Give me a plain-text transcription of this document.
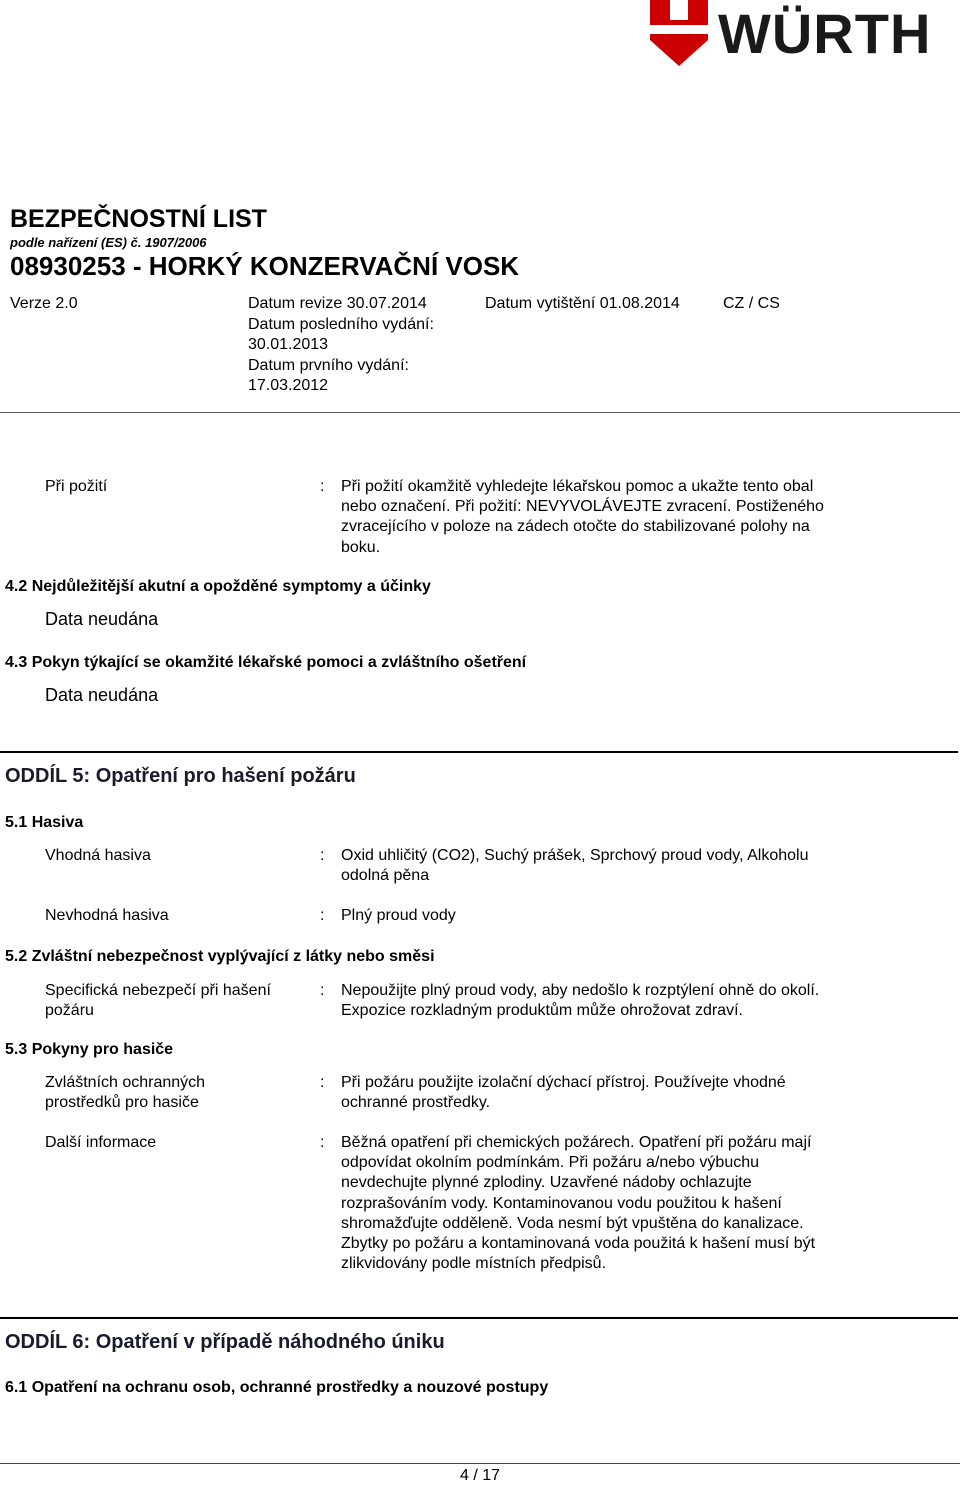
WÜRTH
BEZPEČNOSTNÍ LIST
podle nařízení (ES) č. 1907/2006
08930253 - HORKÝ KONZERVAČNÍ VOSK
Verze 2.0	Datum revize 30.07.2014
Datum posledního vydání:
30.01.2013
Datum prvního vydání:
17.03.2012
Datum vytištění 01.08.2014	CZ / CS
Při požití	: Při požití okamžitě vyhledejte lékařskou pomoc a ukažte tento obal
nebo označení. Při požití: NEVYVOLÁVEJTE zvracení. Postiženého
zvracejícího v poloze na zádech otočte do stabilizované polohy na
boku.
4.2 Nejdůležitější akutní a opožděné symptomy a účinky
Data neudána
4.3 Pokyn týkající se okamžité lékařské pomoci a zvláštního ošetření
Data neudána
ODDÍL 5: Opatření pro hašení požáru
5.1 Hasiva
Vhodná hasiva	: Oxid uhličitý (CO2), Suchý prášek, Sprchový proud vody, Alkoholu
odolná pěna
Nevhodná hasiva	: Plný proud vody
5.2 Zvláštní nebezpečnost vyplývající z látky nebo směsi
Specifická nebezpečí při hašení
požáru
: Nepoužijte plný proud vody, aby nedošlo k rozptýlení ohně do okolí.
Expozice rozkladným produktům může ohrožovat zdraví.
5.3 Pokyny pro hasiče
Zvláštních ochranných
prostředků pro hasiče
: Při požáru použijte izolační dýchací přístroj. Používejte vhodné
ochranné prostředky.
Další informace	: Běžná opatření při chemických požárech. Opatření při požáru mají
odpovídat okolním podmínkám. Při požáru a/nebo výbuchu
nevdechujte plynné zplodiny. Uzavřené nádoby ochlazujte
rozprašováním vody. Kontaminovanou vodu použitou k hašení
shromažďujte odděleně. Voda nesmí být vpuštěna do kanalizace.
Zbytky po požáru a kontaminovaná voda použitá k hašení musí být
zlikvidovány podle místních předpisů.
ODDÍL 6: Opatření v případě náhodného úniku
6.1 Opatření na ochranu osob, ochranné prostředky a nouzové postupy
4 / 17
